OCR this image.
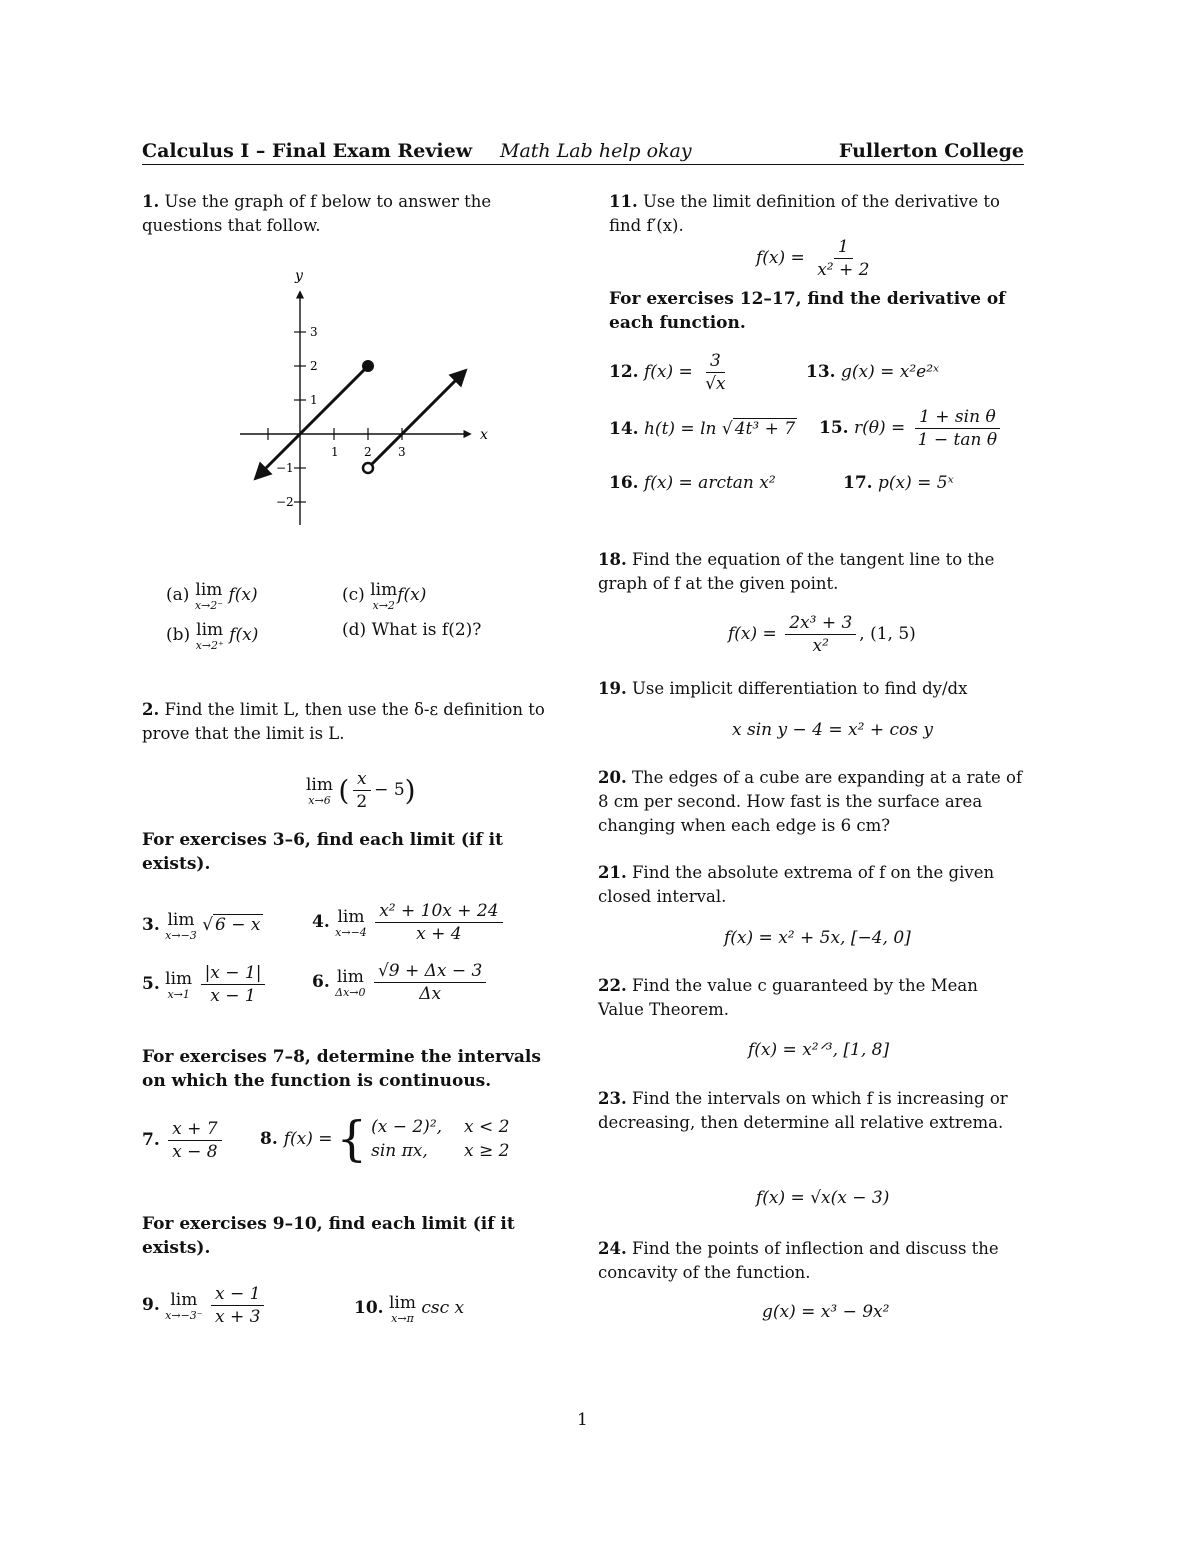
Calculus I – Final Exam Review Math Lab help okay	Fullerton College
1. Use the graph of f below to answer the questions that follow.
1 2 3
3
2
1
−1
−2
x
y
(a) lim
x→2⁻
f(x)	(c) lim
x→2
f(x)
(b) lim
x→2⁺
f(x)	(d) What is f(2)?
2. Find the limit L, then use the δ-ε definition to prove that the limit is L.
lim
x→6 ( $\frac{x}{2} - 5$)
For exercises 3–6, find each limit (if it exists).
3. lim
x→−3
√ 6 − x	4. lim
x→−4
$\frac{\text{x² + 10x + 24}}{x + 4}$
5. lim
x→1
$\frac{|x - 1|}{x - 1}$	6. lim
Δx→0
$\frac{√9 + \Delta x - 3}{\Delta x}$
For exercises 7–8, determine the intervals on which the function is continuous.
7. $\frac{x + 7}{x - 8} 8$. f(x) = { (x − 2)², x < 2
sin πx,	x ≥ 2
For exercises 9–10, find each limit (if it exists).
9. lim
x→−3⁻
$\frac{x - 1}{x + 3}$	10. lim
x→π
csc x
11. Use the limit definition of the derivative to find f′(x).
$f(x) = \frac{1}{\text{x² + 2}}$
For exercises 12–17, find the derivative of each function.
12. $f(x) = \frac{3}{√x}$	13. g(x) = x²e²ˣ
14. h(t) = ln √ 4t³ + 7 15. $r(\theta) = \frac{\text{1 + sin θ}}{\text{1 − tan θ}}$
16. f(x) = arctan x²	17. p(x) = 5ˣ
18. Find the equation of the tangent line to the graph of f at the given point.
$f(x) = \frac{\text{2x³ + 3}}{\text{x²}}$ , (1, 5)
19. Use implicit differentiation to find dy/dx
x sin y − 4 = x² + cos y
20. The edges of a cube are expanding at a rate of 8 cm per second. How fast is the surface area changing when each edge is 6 cm?
21. Find the absolute extrema of f on the given closed interval.
f(x) = x² + 5x, [−4, 0]
22. Find the value c guaranteed by the Mean Value Theorem.
f(x) = x²ᐟ³, [1, 8]
23. Find the intervals on which f is increasing or decreasing, then determine all relative extrema.
f(x) = √x(x − 3)
24. Find the points of inflection and discuss the concavity of the function.
g(x) = x³ − 9x²
1
